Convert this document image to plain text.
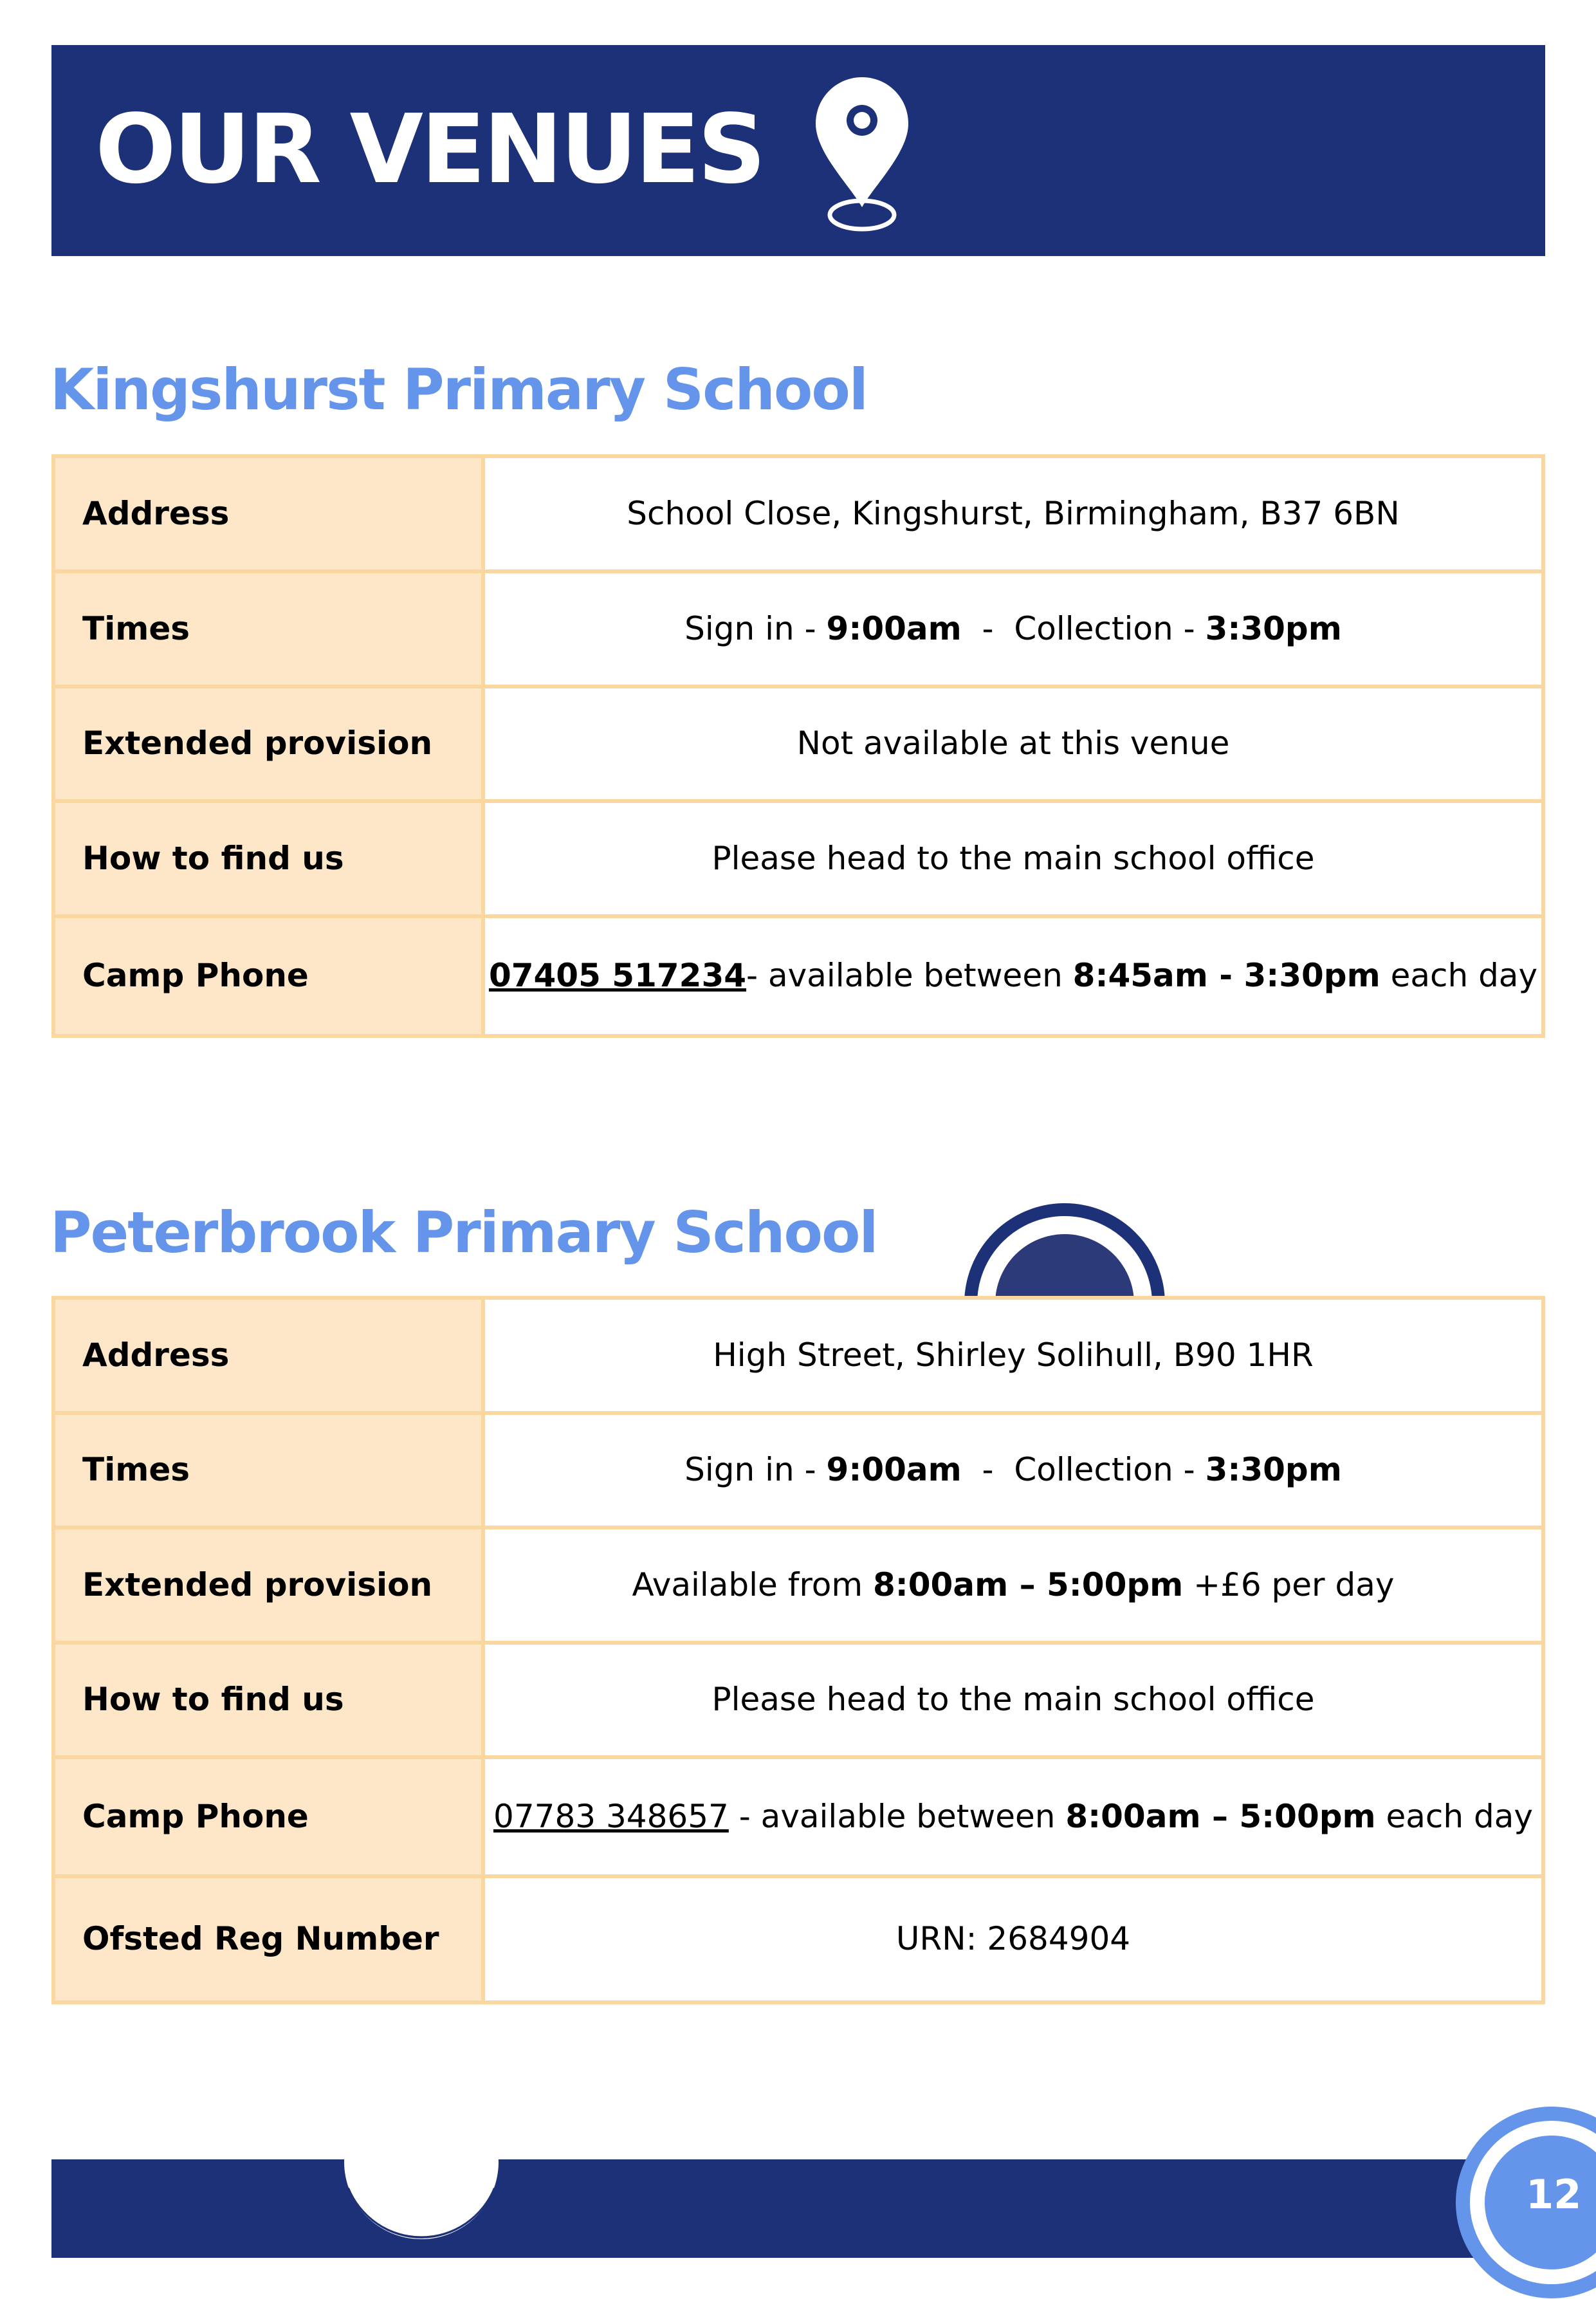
OUR VENUES
Kingshurst Primary School
Address	School Close, Kingshurst, Birmingham, B37 6BN
Times	Sign in - 9:00am  -  Collection - 3:30pm
Extended provision	Not available at this venue
How to find us	Please head to the main school office
Camp Phone	07405 517234- available between 8:45am - 3:30pm each day
Peterbrook Primary School
Address	High Street, Shirley Solihull, B90 1HR
Times	Sign in - 9:00am  -  Collection - 3:30pm
Extended provision	Available from 8:00am – 5:00pm +£6 per day
How to find us	Please head to the main school office
Camp Phone	07783 348657 - available between 8:00am – 5:00pm each day
Ofsted Reg Number	URN: 2684904
12
